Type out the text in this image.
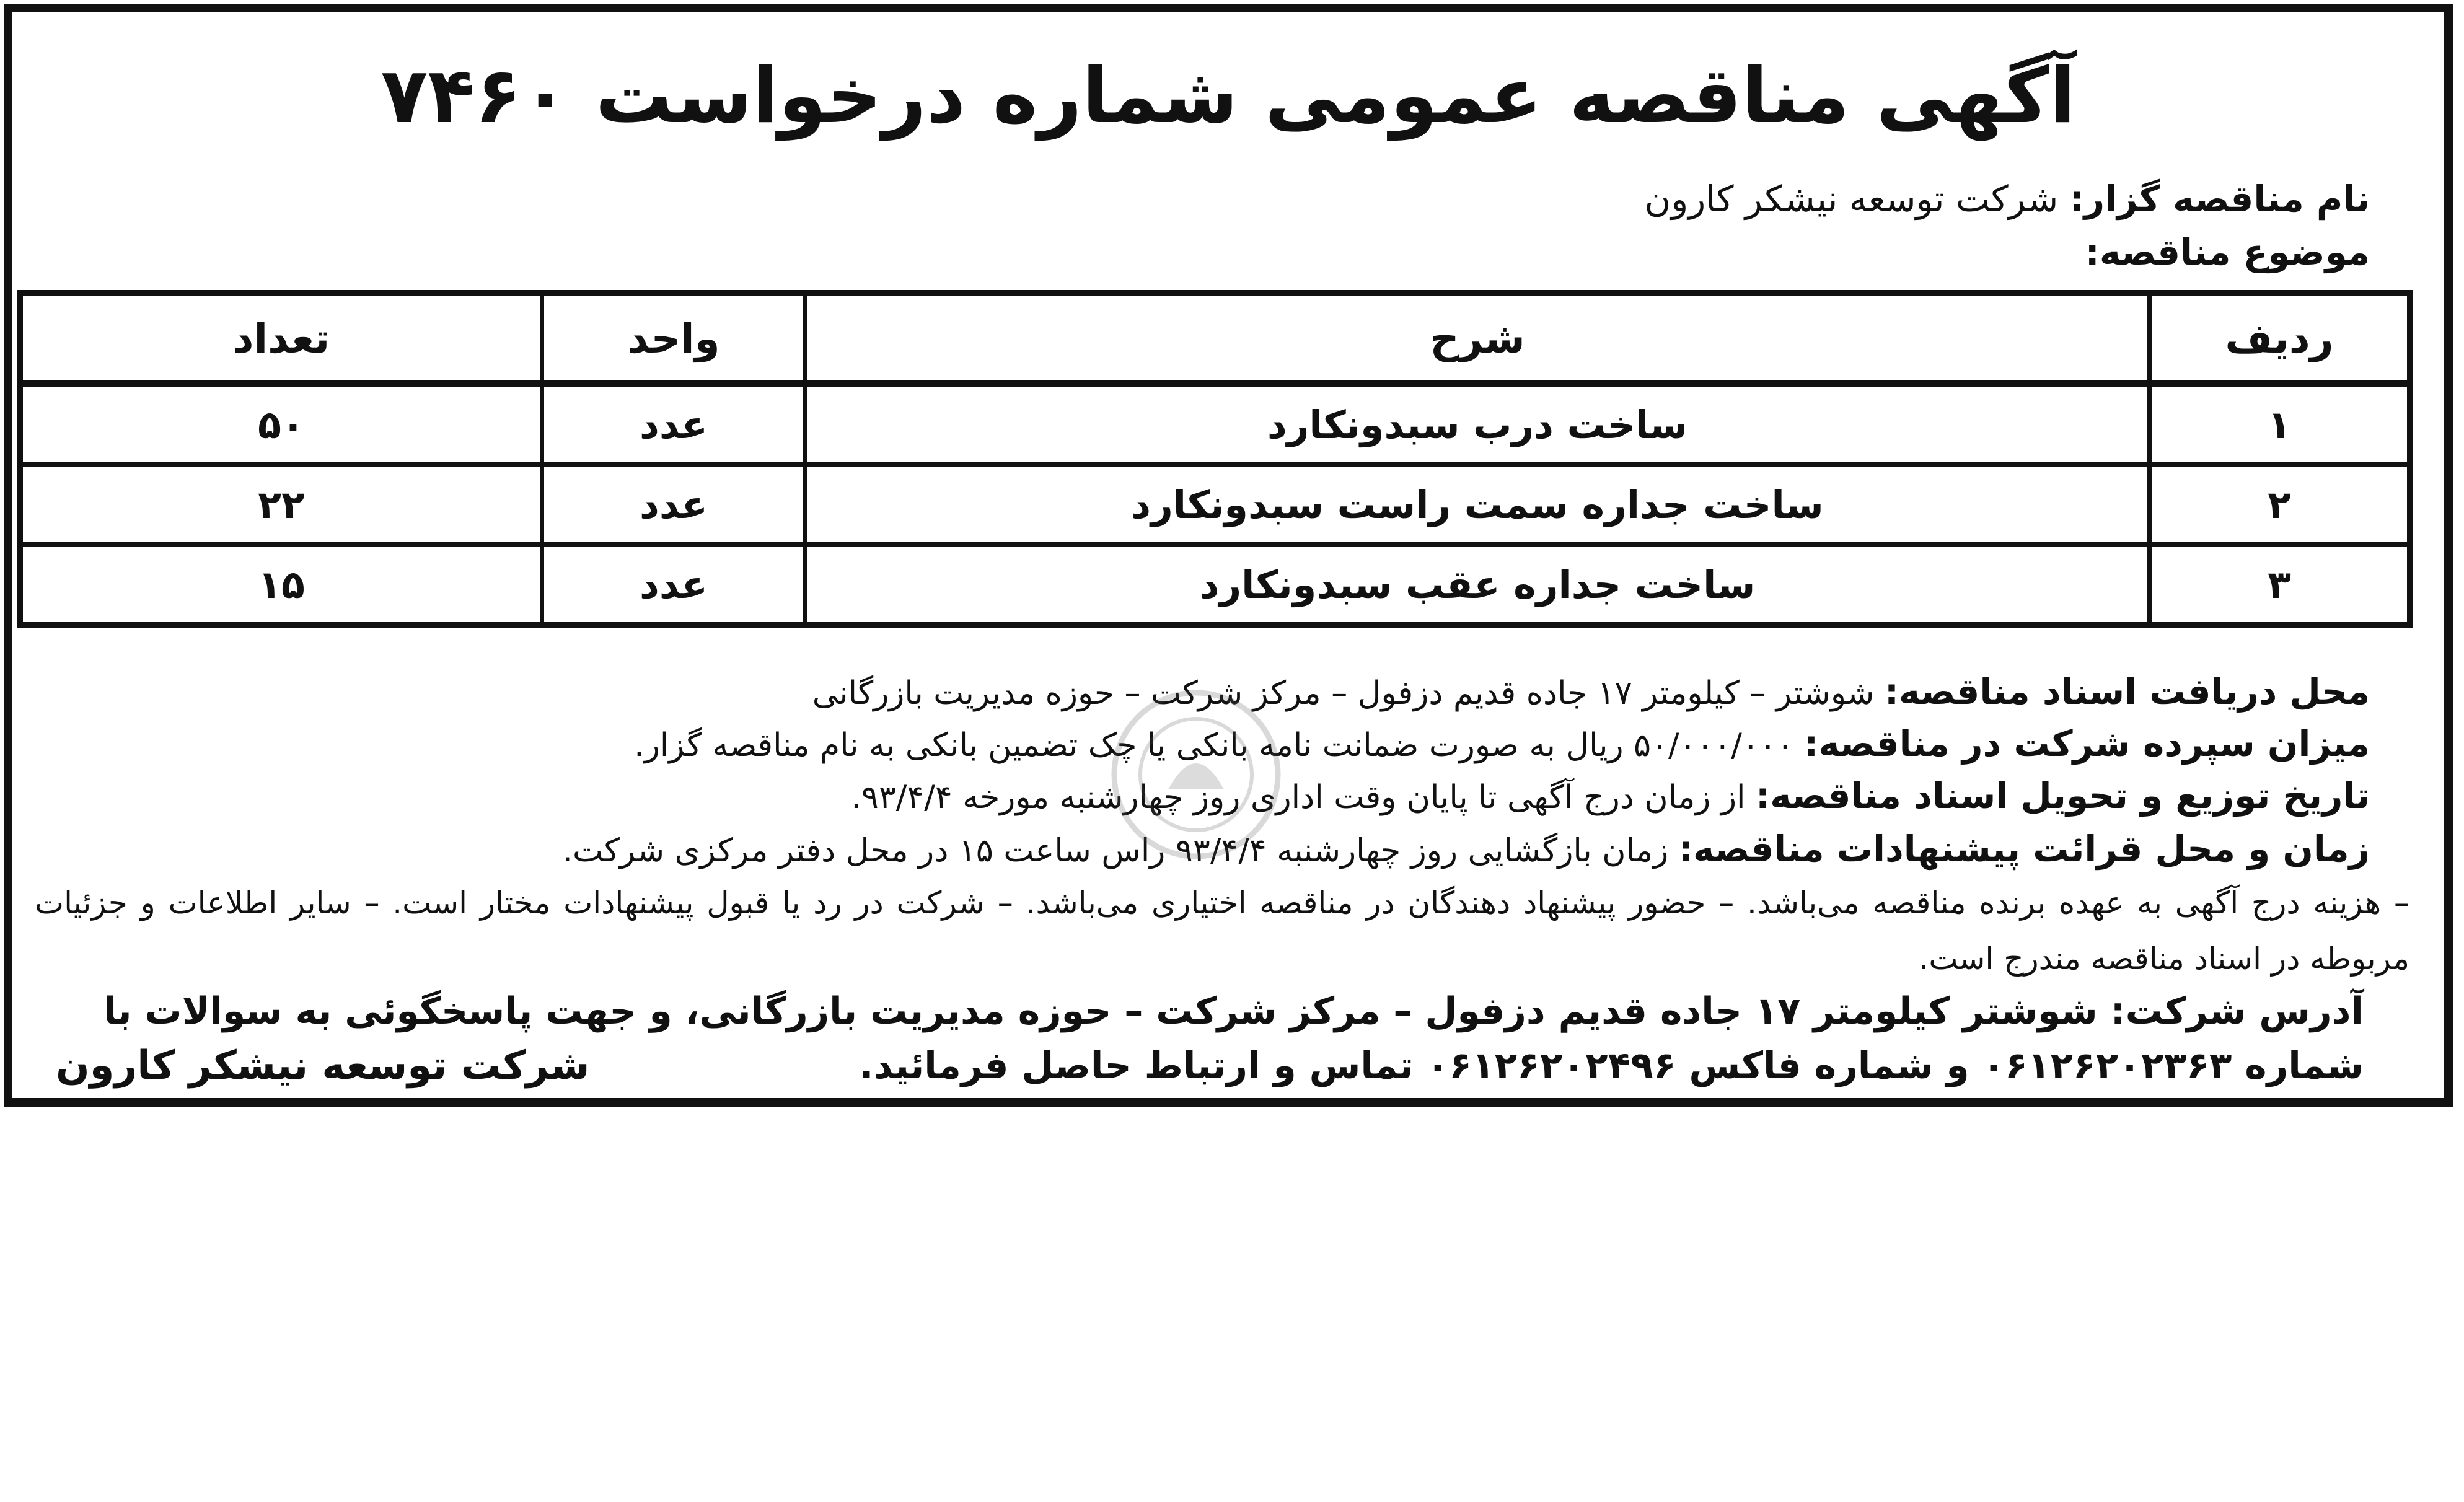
آگهی مناقصه عمومی شماره درخواست ۷۴۶۰
نام مناقصه گزار: شرکت توسعه نیشکر کارون
موضوع مناقصه:
ردیف	شرح	واحد	تعداد
۱	ساخت درب سبدونکارد	عدد	۵۰
۲	ساخت جداره سمت راست سبدونکارد	عدد	۲۲
۳	ساخت جداره عقب سبدونکارد	عدد	۱۵
محل دریافت اسناد مناقصه: شوشتر – کیلومتر ۱۷ جاده قدیم دزفول – مرکز شرکت – حوزه مدیریت بازرگانی
میزان سپرده شرکت در مناقصه: ۵۰/۰۰۰/۰۰۰ ریال به صورت ضمانت نامه بانکی یا چک تضمین بانکی به نام مناقصه گزار.
تاریخ توزیع و تحویل اسناد مناقصه: از زمان درج آگهی تا پایان وقت اداری روز چهارشنبه مورخه ۹۳/۴/۴.
زمان و محل قرائت پیشنهادات مناقصه: زمان بازگشایی روز چهارشنبه ۹۳/۴/۴ راس ساعت ۱۵ در محل دفتر مرکزی شرکت.
– هزینه درج آگهی به عهده برنده مناقصه می‌باشد. – حضور پیشنهاد دهندگان در مناقصه اختیاری می‌باشد. – شرکت در رد یا قبول پیشنهادات مختار است. – سایر اطلاعات و جزئیات مربوطه در اسناد مناقصه مندرج است.
آدرس شرکت: شوشتر کیلومتر ۱۷ جاده قدیم دزفول – مرکز شرکت – حوزه مدیریت بازرگانی، و جهت پاسخگوئی به سوالات با شماره ۰۶۱۲۶۲۰۲۳۶۳ و شماره فاکس ۰۶۱۲۶۲۰۲۴۹۶ تماس و ارتباط حاصل فرمائید.
شرکت توسعه نیشکر کارون
